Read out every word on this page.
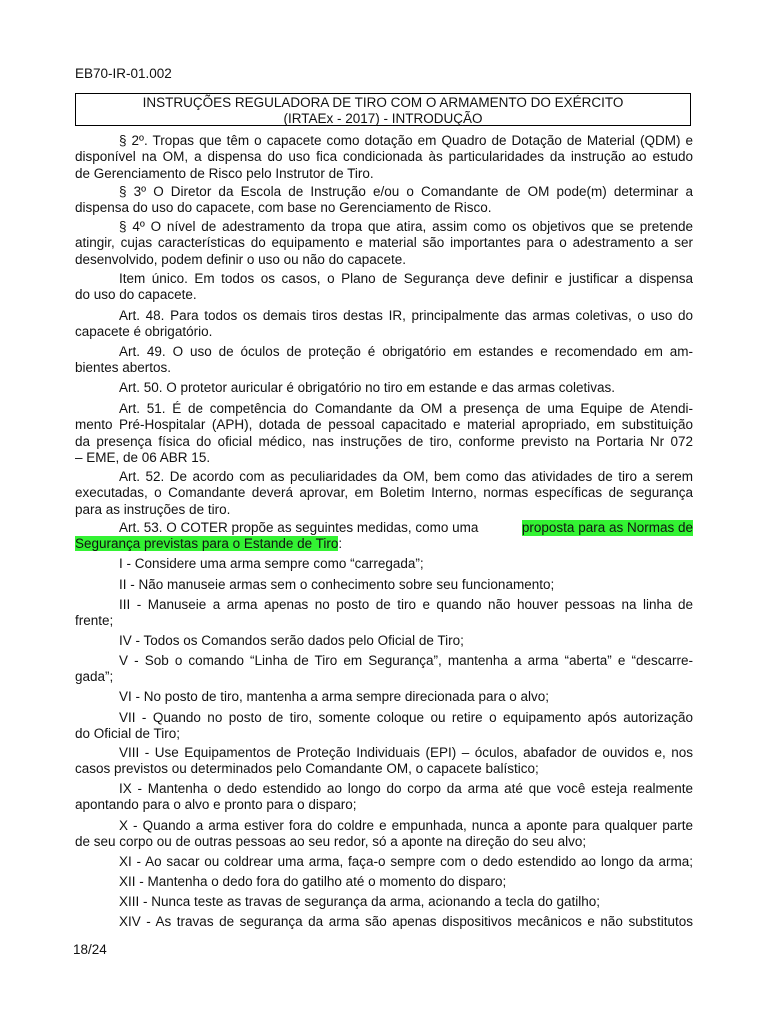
EB70-IR-01.002
INSTRUÇÕES REGULADORA DE TIRO COM O ARMAMENTO DO EXÉRCITO
(IRTAEx - 2017) - INTRODUÇÃO
§ 2º. Tropas que têm o capacete como dotação em Quadro de Dotação de Material (QDM) e
disponível na OM, a dispensa do uso fica condicionada às particularidades da instrução ao estudo
de Gerenciamento de Risco pelo Instrutor de Tiro.
§ 3º O Diretor da Escola de Instrução e/ou o Comandante de OM pode(m) determinar a
dispensa do uso do capacete, com base no Gerenciamento de Risco.
§ 4º O nível de adestramento da tropa que atira, assim como os objetivos que se pretende
atingir, cujas características do equipamento e material são importantes para o adestramento a ser
desenvolvido, podem definir o uso ou não do capacete.
Item único. Em todos os casos, o Plano de Segurança deve definir e justificar a dispensa
do uso do capacete.
Art. 48. Para todos os demais tiros destas IR, principalmente das armas coletivas, o uso do
capacete é obrigatório.
Art. 49. O uso de óculos de proteção é obrigatório em estandes e recomendado em am-
bientes abertos.
Art. 50. O protetor auricular é obrigatório no tiro em estande e das armas coletivas.
Art. 51. É de competência do Comandante da OM a presença de uma Equipe de Atendi-
mento Pré-Hospitalar (APH), dotada de pessoal capacitado e material apropriado, em substituição
da presença física do oficial médico, nas instruções de tiro, conforme previsto na Portaria Nr 072
– EME, de 06 ABR 15.
Art. 52. De acordo com as peculiaridades da OM, bem como das atividades de tiro a serem
executadas, o Comandante deverá aprovar, em Boletim Interno, normas específicas de segurança
para as instruções de tiro.
Art. 53. O COTER propõe as seguintes medidas, como uma	proposta para as Normas de
Segurança previstas para o Estande de Tiro:
I - Considere uma arma sempre como “carregada”;
II - Não manuseie armas sem o conhecimento sobre seu funcionamento;
III - Manuseie a arma apenas no posto de tiro e quando não houver pessoas na linha de
frente;
IV - Todos os Comandos serão dados pelo Oficial de Tiro;
V - Sob o comando “Linha de Tiro em Segurança”, mantenha a arma “aberta” e “descarre-
gada”;
VI - No posto de tiro, mantenha a arma sempre direcionada para o alvo;
VII - Quando no posto de tiro, somente coloque ou retire o equipamento após autorização
do Oficial de Tiro;
VIII - Use Equipamentos de Proteção Individuais (EPI) – óculos, abafador de ouvidos e, nos
casos previstos ou determinados pelo Comandante OM, o capacete balístico;
IX - Mantenha o dedo estendido ao longo do corpo da arma até que você esteja realmente
apontando para o alvo e pronto para o disparo;
X - Quando a arma estiver fora do coldre e empunhada, nunca a aponte para qualquer parte
de seu corpo ou de outras pessoas ao seu redor, só a aponte na direção do seu alvo;
XI - Ao sacar ou coldrear uma arma, faça-o sempre com o dedo estendido ao longo da arma;
XII - Mantenha o dedo fora do gatilho até o momento do disparo;
XIII - Nunca teste as travas de segurança da arma, acionando a tecla do gatilho;
XIV - As travas de segurança da arma são apenas dispositivos mecânicos e não substitutos
18/24
